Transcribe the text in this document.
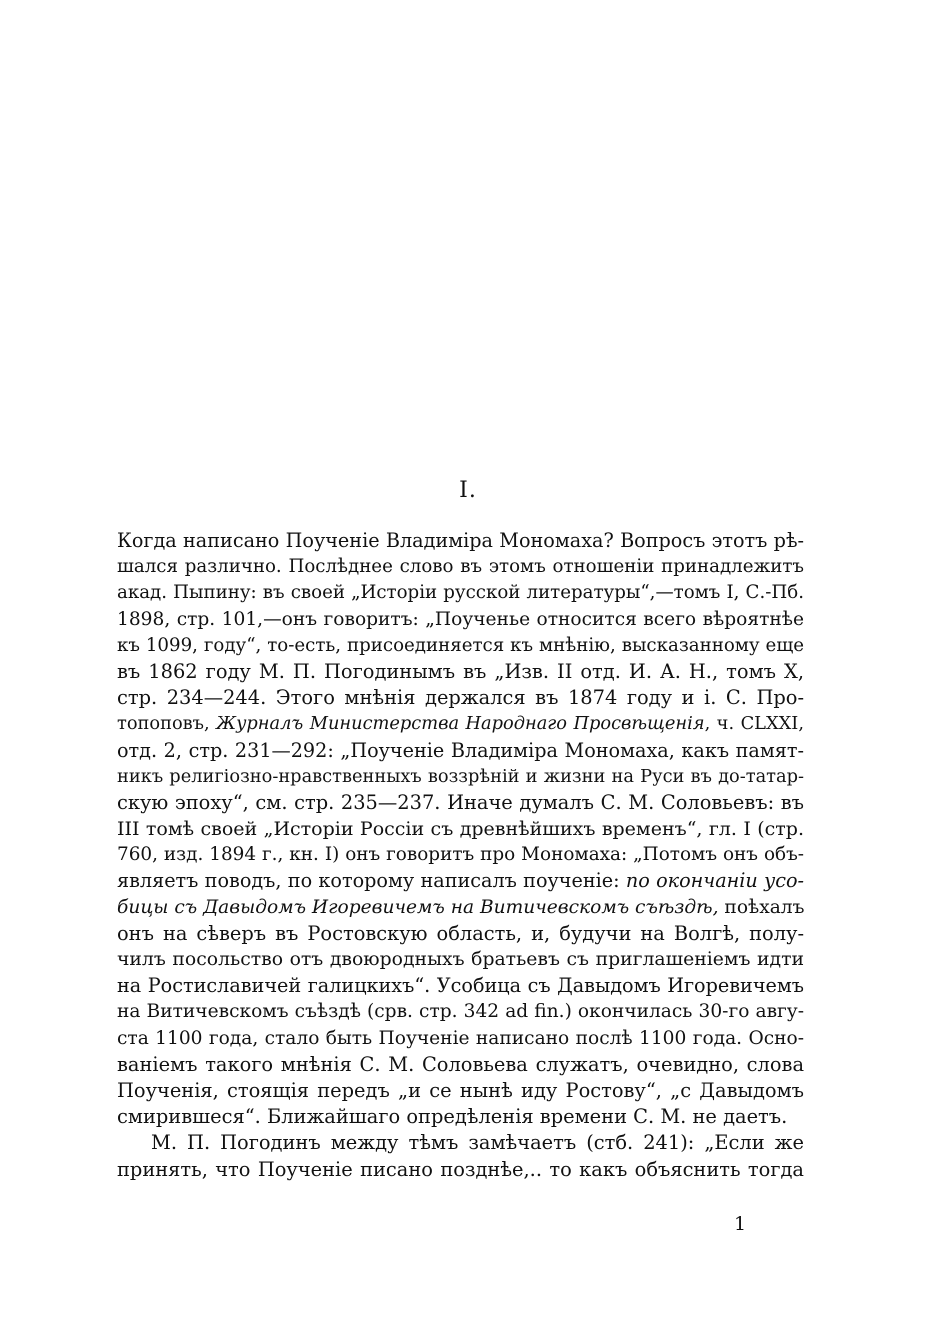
I.
Когда написано Поученіе Владиміра Мономаха? Вопросъ этотъ рѣ-
шался различно. Послѣднее слово въ этомъ отношеніи принадлежитъ
акад. Пыпину: въ своей „Исторіи русской литературы“,—томъ I, С.-Пб.
1898, стр. 101,—онъ говоритъ: „Поученье относится всего вѣроятнѣе
къ 1099, году“, то-есть, присоединяется къ мнѣнію, высказанному еще
въ 1862 году М. П. Погодинымъ въ „Изв. II отд. И. А. Н., томъ X,
стр. 234—244. Этого мнѣнія держался въ 1874 году и і. С. Про-
топоповъ, Журналъ Министерства Народнаго Просвѣщенія, ч. CLXXI,
отд. 2, стр. 231—292: „Поученіе Владиміра Мономаха, какъ памят-
никъ религіозно-нравственныхъ воззрѣній и жизни на Руси въ до-татар-
скую эпоху“, см. стр. 235—237. Иначе думалъ С. М. Соловьевъ: въ
III томѣ своей „Исторіи Россіи съ древнѣйшихъ временъ“, гл. I (стр.
760, изд. 1894 г., кн. I) онъ говоритъ про Мономаха: „Потомъ онъ объ-
являетъ поводъ, по которому написалъ поученіе: по окончаніи усо-
бицы съ Давыдомъ Игоревичемъ на Витичевскомъ съѣздѣ, поѣхалъ
онъ на сѣверъ въ Ростовскую область, и, будучи на Волгѣ, полу-
чилъ посольство отъ двоюродныхъ братьевъ съ приглашеніемъ идти
на Ростиславичей галицкихъ“. Усобица съ Давыдомъ Игоревичемъ
на Витичевскомъ съѣздѣ (срв. стр. 342 ad fin.) окончилась 30-го авгу-
ста 1100 года, стало быть Поученіе написано послѣ 1100 года. Осно-
ваніемъ такого мнѣнія С. М. Соловьева служатъ, очевидно, слова
Поученія, стоящія передъ „и се нынѣ иду Ростову“, „с Давыдомъ
смирившеся“. Ближайшаго опредѣленія времени С. М. не даетъ.
М. П. Погодинъ между тѣмъ замѣчаетъ (стб. 241): „Если же
принять, что Поученіе писано позднѣе,.. то какъ объяснить тогда
1
